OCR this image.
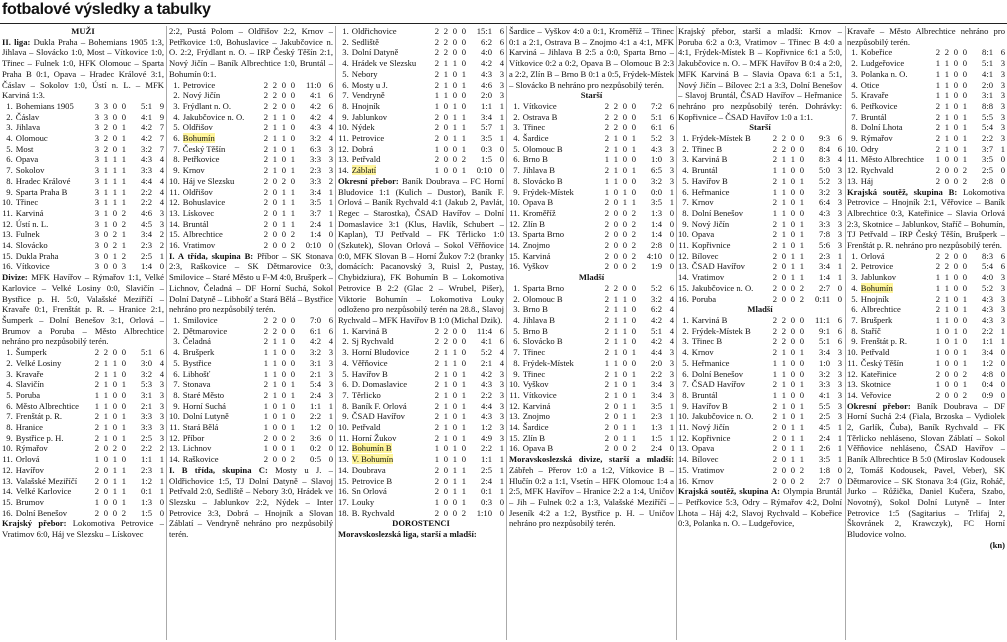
fotbalové výsledky a tabulky
MUŽI

II. liga: Dukla Praha – Bohemians 1905 1:3, Jihlava – Slovácko 1:0, Most – Vítkovice 1:0, Třinec – Fulnek 1:0, HFK Olomouc – Sparta Praha B 0:1, Opava – Hradec Králové 3:1, Čáslav – Sokolov 1:0, Ústí n. L. – MFK Karviná 1:3.

1.	Bohemians 1905	3	3	0	0	5:1	9
2.	Čáslav	3	3	0	0	4:1	9
3.	Jihlava	3	2	0	1	4:2	7
4.	Olomouc	3	2	0	1	4:2	7
5.	Most	3	2	0	1	3:2	7
6.	Opava	3	1	1	1	4:3	4
7.	Sokolov	3	1	1	1	3:3	4
8.	Hradec Králové	3	1	1	1	4:4	4
9.	Sparta Praha B	3	1	1	1	2:2	4
10.	Třinec	3	1	1	1	2:2	4
11.	Karviná	3	1	0	2	4:6	3
12.	Ústí n. L.	3	1	0	2	4:5	3
13.	Fulnek	3	0	2	1	3:4	2
14.	Slovácko	3	0	2	1	2:3	2
15.	Dukla Praha	3	0	1	2	2:5	1
16.	Vítkovice	3	0	0	3	1:4	0

Divize: MFK Havířov – Rýmařov 1:1, Velké Karlovice – Velké Losiny 0:0, Slavičín – Bystřice p. H. 5:0, Valašské Meziříčí – Kravaře 0:1, Frenštát p. R. – Hranice 2:1, Šumperk – Dolní Benešov 3:1, Orlová – Brumov a Poruba – Město Albrechtice nehráno pro nezpůsobilý terén.

1.	Šumperk	2	2	0	0	5:1	6
2.	Velké Losiny	2	1	1	0	3:0	4
3.	Kravaře	2	1	1	0	3:2	4
4.	Slavičín	2	1	0	1	5:3	3
5.	Poruba	1	1	0	0	3:1	3
6.	Město Albrechtice	1	1	0	0	2:1	3
7.	Frenštát p. R.	2	1	0	1	3:3	3
8.	Hranice	2	1	0	1	3:3	3
9.	Bystřice p. H.	2	1	0	1	2:5	3
10.	Rýmařov	2	0	2	0	2:2	2
11.	Orlová	1	0	1	0	1:1	1
12.	Havířov	2	0	1	1	2:3	1
13.	Valašské Meziříčí	2	0	1	1	1:2	1
14.	Velké Karlovice	2	0	1	1	0:1	1
15.	Brumov	1	0	0	1	1:3	0
16.	Dolní Benešov	2	0	0	2	1:5	0

Krajský přebor: Lokomotiva Petrovice – Vratimov 6:0, Háj ve Slezsku – Lískovec

2:2, Pustá Polom – Oldřišov 2:2, Krnov – Petřkovice 1:0, Bohuslavice – Jakubčovice n. O. 2:2, Frýdlant n. O. – IRP Český Těšín 2:1, Nový Jičín – Baník Albrechtice 1:0, Bruntál – Bohumín 0:1.

1.	Petrovice	2	2	0	0	11:0	6
2.	Nový Jičín	2	2	0	0	4:1	6
3.	Frýdlant n. O.	2	2	0	0	4:2	6
4.	Jakubčovice n. O.	2	1	1	0	4:2	4
5.	Oldřišov	2	1	1	0	4:3	4
6.	Bohumín	2	1	1	0	3:2	4
7.	Český Těšín	2	1	0	1	6:3	3
8.	Petřkovice	2	1	0	1	3:3	3
9.	Krnov	2	1	0	1	2:3	3
10.	Háj ve Slezsku	2	0	2	0	3:3	2
11.	Oldřišov	2	0	1	1	3:4	1
12.	Bohuslavice	2	0	1	1	3:5	1
13.	Lískovec	2	0	1	1	3:7	1
14.	Bruntál	2	0	1	1	2:4	1
15.	Albrechtice	2	0	0	2	1:4	0
16.	Vratimov	2	0	0	2	0:10	0

I. A třída, skupina B: Příbor – SK Stonava 2:3, Raškovice – SK Dětmarovice 0:3, Smilovice – Staré Město u F-M 4:0, Brušperk – Lichnov, Čeladná – DF Horní Suchá, Sokol Dolní Datyně – Libhošť a Stará Bělá – Bystřice nehráno pro nezpůsobilý terén.

1.	Smilovice	2	2	0	0	7:0	6
2.	Dětmarovice	2	2	0	0	6:1	6
3.	Čeladná	2	1	1	0	4:2	4
4.	Brušperk	1	1	0	0	3:2	3
5.	Bystřice	1	1	0	0	3:1	3
6.	Libhošť	1	1	0	0	2:1	3
7.	Stonava	2	1	0	1	5:4	3
8.	Staré Město	2	1	0	1	2:4	3
9.	Horní Suchá	1	0	1	0	1:1	1
10.	Dolní Lutyně	1	0	1	0	2:2	1
11.	Stará Bělá	1	0	0	1	1:2	0
12.	Příbor	2	0	0	2	3:6	0
13.	Lichnov	1	0	0	1	0:2	0
14.	Raškovice	2	0	0	2	0:5	0

I. B třída, skupina C: Mosty u J. – Oldřichovice 1:5, TJ Dolní Datyně – Slavoj Petřvald 2:0, Sedliště – Nebory 3:0, Hrádek ve Slezsku – Jablunkov 2:2, Nýdek – Inter Petrovice 3:3, Dobrá – Hnojník a Slovan Záblatí – Vendryně nehráno pro nezpůsobilý terén.

1.	Oldřichovice	2	2	0	0	15:1	6
2.	Sedliště	2	2	0	0	6:2	6
3.	Dolní Datyně	2	2	0	0	4:0	6
4.	Hrádek ve Slezsku	2	1	1	0	4:2	4
5.	Nebory	2	1	0	1	4:3	3
6.	Mosty u J.	2	1	0	1	4:6	3
7.	Vendryně	1	1	0	0	2:0	3
8.	Hnojník	1	0	1	0	1:1	1
9.	Jablunkov	2	0	1	1	3:4	1
10.	Nýdek	2	0	1	1	5:7	1
11.	Petrovice	2	0	1	1	3:5	1
12.	Dobrá	1	0	0	1	0:3	0
13.	Petřvald	2	0	0	2	1:5	0
14.	Záblatí	1	0	0	1	0:10	0

Okresní přebor: Baník Doubrava – FC Horní Bludovice 1:1 (Kulich – Dustor), Baník F. Orlová – Baník Rychvald 4:1 (Jakub 2, Pavlát, Regec – Starostka), ČSAD Havířov – Dolní Domaslavice 3:1 (Klus, Havlík, Schubert – Kaplan), TJ Petřvald – FK Těrlicko 1:0 (Szkutek), Slovan Orlová – Sokol Věřňovice 0:0, MFK Slovan B – Horní Žukov 7:2 (branky domácích: Pacanovský 3, Ruisl 2, Pustay, Chybidziura), FK Bohumín B – Lokomotiva Petrovice B 2:2 (Glac 2 – Wrubel, Pišer), Viktorie Bohumín – Lokomotiva Louky odloženo pro nezpůsobilý terén na 28.8., Slavoj Rychvald – MFK Havířov B 1:0 (Michal Dzik).

1.	Karviná B	2	2	0	0	11:4	6
2.	Sj Rychvald	2	2	0	0	4:1	6
3.	Horní Bludovice	2	1	1	0	5:2	4
4.	Věřňovice	2	1	1	0	2:1	4
5.	Havířov B	2	1	0	1	4:2	3
6.	D. Domaslavice	2	1	0	1	4:3	3
7.	Těrlicko	2	1	0	1	2:2	3
8.	Baník F. Orlová	2	1	0	1	4:4	3
9.	ČSAD Havířov	2	1	0	1	4:3	3
10.	Petřvald	2	1	0	1	1:2	3
11.	Horní Žukov	2	1	0	1	4:9	3
12.	Bohumín B	1	0	1	0	2:2	1
13.	V. Bohumín	1	0	1	0	1:1	1
14.	Doubrava	2	0	1	1	2:5	1
15.	Petrovice B	2	0	1	1	2:4	1
16.	Sn Orlová	2	0	1	1	0:1	1
17.	Louky	1	0	0	1	0:3	0
18.	B. Rychvald	2	0	0	2	1:10	0
DOROSTENCI

Moravskoslezská liga, starší a mladší:

Šardice – Vyškov 4:0 a 0:1, Kroměříž – Třinec 0:1 a 2:1, Ostrava B – Znojmo 4:1 a 4:1, MFK Karviná – Jihlava B 2:5 a 0:0, Sparta Brno – Vítkovice 0:2 a 0:2, Opava B – Olomouc B 2:3 a 2:2, Zlín B – Brno B 0:1 a 0:5, Frýdek-Místek – Slovácko B nehráno pro nezpůsobilý terén.

Starší
1.	Vítkovice	2	2	0	0	7:2	6
2.	Ostrava B	2	2	0	0	5:1	6
3.	Třinec	2	2	0	0	6:1	6
4.	Šardice	2	1	0	1	5:2	3
5.	Olomouc B	2	1	0	1	4:3	3
6.	Brno B	1	1	0	0	1:0	3
7.	Jihlava B	2	1	0	1	6:5	3
8.	Slovácko B	1	1	0	0	3:2	3
9.	Frýdek-Místek	1	0	1	0	0:0	1
10.	Opava B	2	0	1	1	3:5	1
11.	Kroměříž	2	0	0	2	1:3	0
12.	Zlín B	2	0	0	2	1:4	0
13.	Sparta Brno	2	0	0	2	1:4	0
14.	Znojmo	2	0	0	2	2:8	0
15.	Karviná	2	0	0	2	4:10	0
16.	Vyškov	2	0	0	2	1:9	0
Mladší
1.	Sparta Brno	2	2	0	0	5:2	6
2.	Olomouc B	2	1	1	0	3:2	4
3.	Brno B	2	1	1	0	6:2	4
4.	Jihlava B	2	1	1	0	4:2	4
5.	Brno B	2	1	1	0	5:1	4
6.	Slovácko B	2	1	1	0	4:2	4
7.	Třinec	2	1	0	1	4:4	3
8.	Frýdek-Místek	1	1	0	0	2:0	3
9.	Třinec	2	1	0	1	2:2	3
10.	Vyškov	2	1	0	1	3:4	3
11.	Vítkovice	2	1	0	1	3:4	3
12.	Karviná	2	0	1	1	3:5	1
13.	Znojmo	2	0	1	1	2:3	1
14.	Šardice	2	0	1	1	1:3	1
15.	Zlín B	2	0	1	1	1:5	1
16.	Opava B	2	0	0	2	2:4	0

Moravskoslezská divize, starší a mladší: Zábřeh – Přerov 1:0 a 1:2, Vítkovice B – Hlučín 0:2 a 1:1, Vsetín – HFK Olomouc 1:4 a 2:5, MFK Havířov – Hranice 2:2 a 1:4, Uničov – Jih – Fulnek 0:2 a 1:3, Valašské Meziříčí – Jeseník 4:2 a 1:2, Bystřice p. H. – Uničov nehráno pro nezpůsobilý terén.

Krajský přebor, starší a mladší: Krnov – Poruba 6:2 a 0:3, Vratimov – Třinec B 4:0 a 4:1, Frýdek-Místek B – Kopřivnice 6:1 a 5:0, Jakubčovice n. O. – MFK Havířov B 0:4 a 2:0, MFK Karviná B – Slavia Opava 6:1 a 5:1, Nový Jičín – Bílovec 2:1 a 3:3, Dolní Benešov – Slavoj Bruntál, ČSAD Havířov – Heřmanice nehráno pro nezpůsobilý terén. Dohrávky: Kopřivnice – ČSAD Havířov 1:0 a 1:1.

Starší
1.	Frýdek-Místek B	2	2	0	0	9:3	6
2.	Třinec B	2	2	0	0	8:4	6
3.	Karviná B	2	1	1	0	8:3	4
4.	Bruntál	1	1	0	0	5:0	3
5.	Havířov B	2	1	0	1	5:2	3
6.	Heřmanice	1	1	0	0	3:2	3
7.	Krnov	2	1	0	1	6:4	3
8.	Dolní Benešov	1	1	0	0	4:3	3
9.	Nový Jičín	2	1	0	1	3:3	3
10.	Opava	2	1	0	1	7:8	3
11.	Kopřivnice	2	1	0	1	5:6	3
12.	Bílovec	2	0	1	1	2:3	1
13.	ČSAD Havířov	2	0	1	1	3:4	1
14.	Vratimov	2	0	1	1	1:4	1
15.	Jakubčovice n. O.	2	0	0	2	2:7	0
16.	Poruba	2	0	0	2	0:11	0
Mladší
1.	Karviná B	2	2	0	0	11:1	6
2.	Frýdek-Místek B	2	2	0	0	9:1	6
3.	Třinec B	2	2	0	0	5:1	6
4.	Krnov	2	1	0	1	3:4	3
5.	Heřmanice	1	1	0	0	1:0	3
6.	Dolní Benešov	1	1	0	0	3:2	3
7.	ČSAD Havířov	2	1	0	1	3:3	3
8.	Bruntál	1	1	0	0	4:1	3
9.	Havířov B	2	1	0	1	5:5	3
10.	Jakubčovice n. O.	2	1	0	1	2:5	3
11.	Nový Jičín	2	0	1	1	4:5	1
12.	Kopřivnice	2	0	1	1	2:4	1
13.	Opava	2	0	1	1	2:6	1
14.	Bílovec	2	0	1	1	3:5	1
15.	Vratimov	2	0	0	2	1:8	0
16.	Krnov	2	0	0	2	2:7	0

Krajská soutěž, skupina A: Olympia Bruntál – Petřkovice 5:3, Odry – Rýmařov 4:2, Dolní Lhota – Háj 4:2, Slavoj Rychvald – Kobeřice 0:3, Polanka n. O. – Ludgeřovice,

Kravaře – Město Albrechtice nehráno pro nezpůsobilý terén.

1.	Kobeřice	2	2	0	0	8:1	6
2.	Ludgeřovice	1	1	0	0	5:1	3
3.	Polanka n. O.	1	1	0	0	4:1	3
4.	Otice	1	1	0	0	2:0	3
5.	Kravaře	1	1	0	0	3:1	3
6.	Petřkovice	2	1	0	1	8:8	3
7.	Bruntál	2	1	0	1	5:5	3
8.	Dolní Lhota	2	1	0	1	5:4	3
9.	Rýmařov	2	1	0	1	2:2	3
10.	Odry	2	1	0	1	3:7	1
11.	Město Albrechtice	1	0	0	1	3:5	0
12.	Rychvald	2	0	0	2	2:5	0
13.	Háj	2	0	0	2	2:8	0

Krajská soutěž, skupina B: Lokomotiva Petrovice – Hnojník 2:1, Věřovice – Baník Albrechtice 0:3, Kateřinice – Slavia Orlová 2:3, Skotnice – Jablunkov, Staříč – Bohumín, TJ Petřvald – IRP Český Těšín, Brušperk – Frenštát p. R. nehráno pro nezpůsobilý terén.

1.	Orlová	2	2	0	0	8:3	6
2.	Petrovice	2	2	0	0	5:4	6
3.	Jablunkov	1	1	0	0	4:0	3
4.	Bohumín	1	1	0	0	5:2	3
5.	Hnojník	2	1	0	1	4:3	3
6.	Albrechtice	2	1	0	1	4:3	3
7.	Brušperk	1	1	0	0	4:3	3
8.	Staříč	1	0	1	0	2:2	1
9.	Frenštát p. R.	1	0	1	0	1:1	1
10.	Petřvald	1	0	0	1	3:4	0
11.	Český Těšín	1	0	0	1	1:2	0
12.	Kateřinice	2	0	0	2	4:8	0
13.	Skotnice	1	0	0	1	0:4	0
14.	Veřovice	2	0	0	2	0:9	0

Okresní přebor: Baník Doubrava – DF Horní Suchá 2:4 (Fiala, Brzoska – Vydiolek 2, Garlík, Čuba), Baník Rychvald – FK Těrlicko nehláseno, Slovan Záblatí – Sokol Věřňovice nehláseno, ČSAD Havířov – Baník Albrechtice B 5:0 (Miroslav Kodousek 2, Tomáš Kodousek, Pavel, Veber), SK Dětmarovice – SK Stonava 3:4 (Giz, Roháč, Jurko – Růžička, Daniel Kučera, Szabo, Novotný), Sokol Dolní Lutyně – Inter Petrovice 1:5 (Sagitarius – Trlifaj 2, Škovránek 2, Krawczyk), FC Horní Bludovice volno.

(kn)
